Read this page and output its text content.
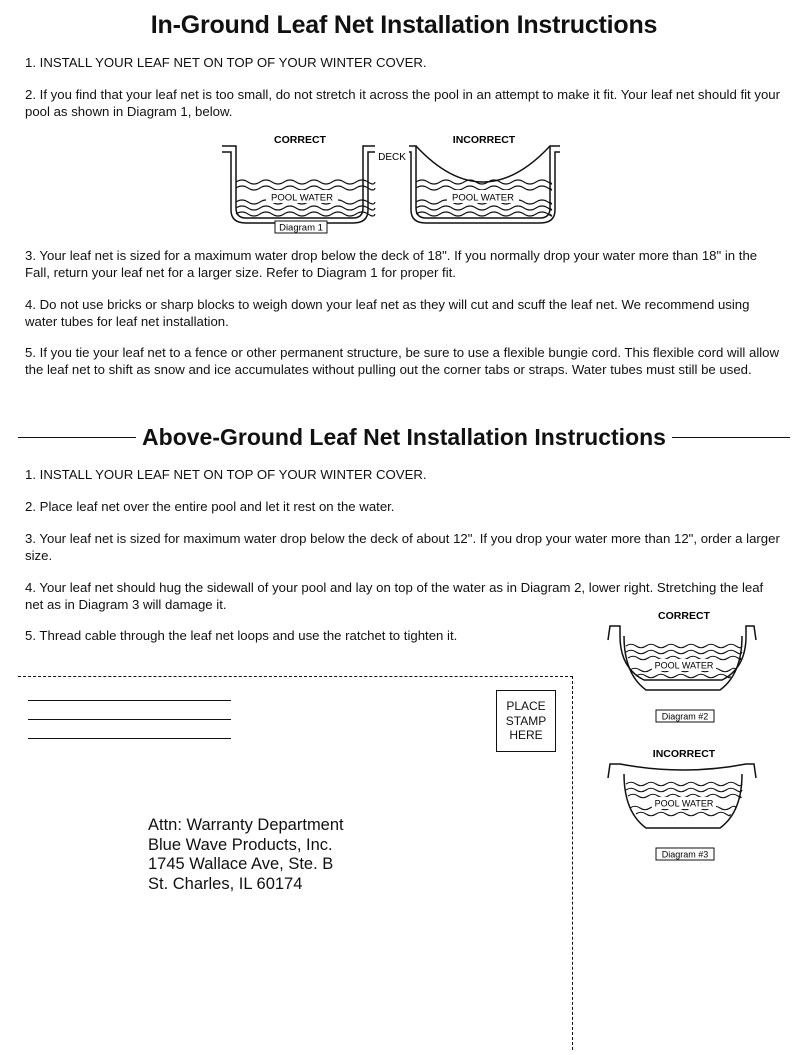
In-Ground Leaf Net Installation Instructions
1. INSTALL YOUR LEAF NET ON TOP OF YOUR WINTER COVER.
2. If you find that your leaf net is too small, do not stretch it across the pool in an attempt to make it fit. Your leaf net should fit your pool as shown in Diagram 1, below.
POOL WATER
CORRECT
DECK
POOL WATER
INCORRECT
Diagram 1
3. Your leaf net is sized for a maximum water drop below the deck of 18". If you normally drop your water more than 18" in the Fall, return your leaf net for a larger size. Refer to Diagram 1 for proper fit.
4. Do not use bricks or sharp blocks to weigh down your leaf net as they will cut and scuff the leaf net. We recommend using water tubes for leaf net installation.
5. If you tie your leaf net to a fence or other permanent structure, be sure to use a flexible bungie cord. This flexible cord will allow the leaf net to shift as snow and ice accumulates without pulling out the corner tabs or straps. Water tubes must still be used.
Above-Ground Leaf Net Installation Instructions
1. INSTALL YOUR LEAF NET ON TOP OF YOUR WINTER COVER.
2. Place leaf net over the entire pool and let it rest on the water.
3. Your leaf net is sized for maximum water drop below the deck of about 12". If you drop your water more than 12", order a larger size.
4. Your leaf net should hug the sidewall of your pool and lay on top of the water as in Diagram 2, lower right. Stretching the leaf net as in Diagram 3 will damage it.
5. Thread cable through the leaf net loops and use the ratchet to tighten it.
CORRECT
POOL WATER
Diagram #2
INCORRECT
POOL WATER
Diagram #3
PLACE
STAMP
HERE
Attn: Warranty Department
Blue Wave Products, Inc.
1745 Wallace Ave, Ste. B
St. Charles, IL 60174
